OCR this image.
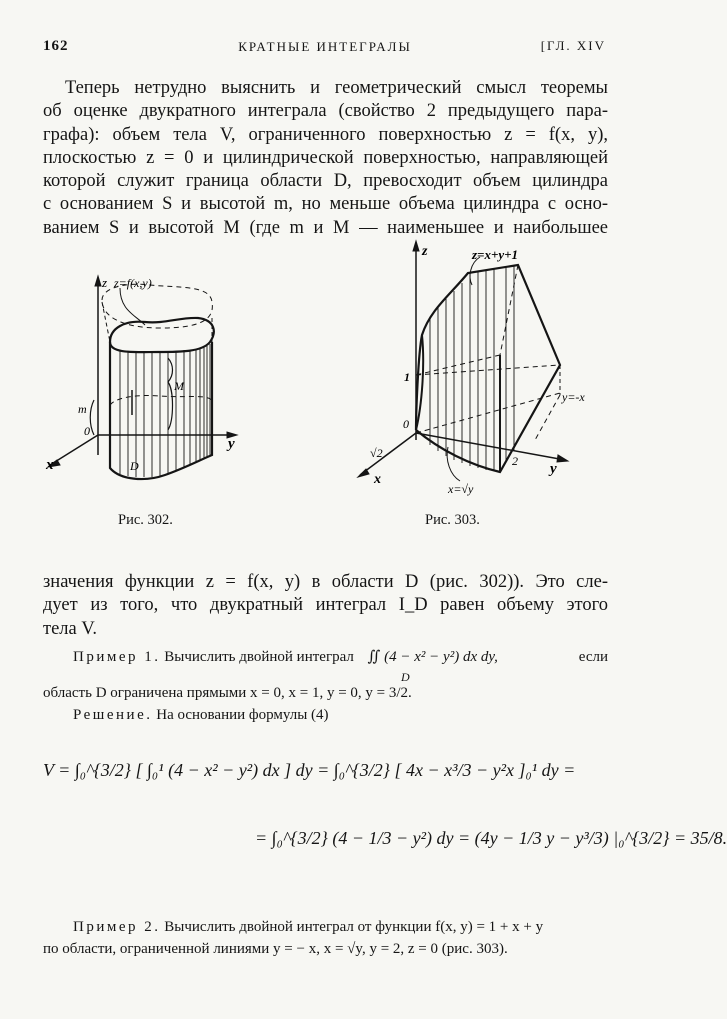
162	КРАТНЫЕ ИНТЕГРАЛЫ	[ГЛ. XIV
Теперь нетрудно выяснить и геометрический смысл теоремы
об оценке двукратного интеграла (свойство 2 предыдущего пара-
графа): объем тела V, ограниченного поверхностью z = f(x, y),
плоскостью z = 0 и цилиндрической поверхностью, направляющей
которой служит граница области D, превосходит объем цилиндра
с основанием S и высотой m, но меньше объема цилиндра с осно-
ванием S и высотой M (где m и M — наименьшее и наибольшее
z z=f(x,y)
M
m
0
D
x
y
Рис. 302.
z	z=x+y+1
1
0
√2
2 y
x
y=-x
x=√y
Рис. 303.
значения функции z = f(x, y) в области D (рис. 302)). Это сле-
дует из того, что двукратный интеграл I_D равен объему этого
тела V.
Пример 1. Вычислить двойной интеграл ∬ (4 − x² − y²) dx dy,	если
D
область D ограничена прямыми x = 0, x = 1, y = 0, y = 3/2.
Решение. На основании формулы (4)
V = ∫₀^{3/2} [ ∫₀¹ (4 − x² − y²) dx ] dy = ∫₀^{3/2} [ 4x − x³/3 − y²x ]₀¹ dy =
= ∫₀^{3/2} (4 − 1/3 − y²) dy = (4y − 1/3 y − y³/3) |₀^{3/2} = 35/8.
Пример 2. Вычислить двойной интеграл от функции f(x, y) = 1 + x + y
по области, ограниченной линиями y = − x, x = √y, y = 2, z = 0 (рис. 303).
